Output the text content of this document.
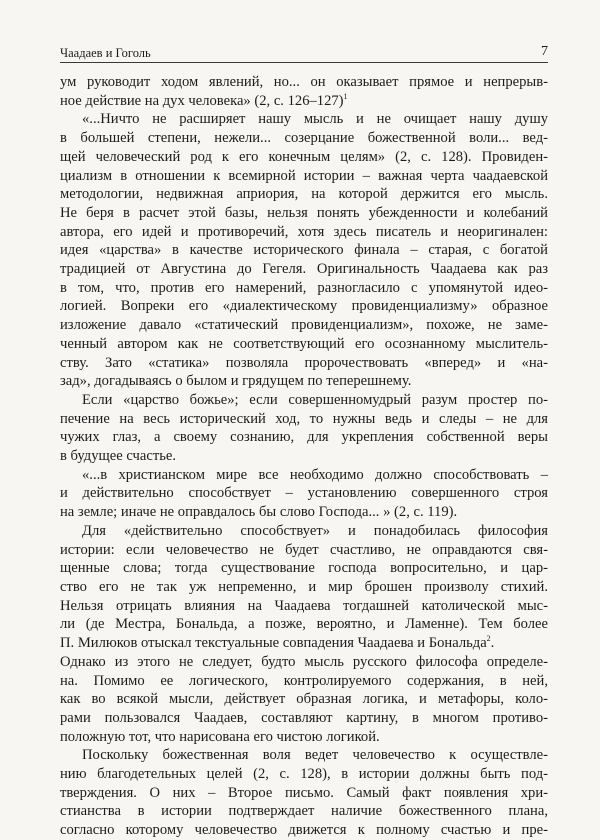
Чаадаев и Гоголь	7
ум руководит ходом явлений, но... он оказывает прямое и непрерыв-
ное действие на дух человека» (2, с. 126–127)$^1$
«...Ничто не расширяет нашу мысль и не очищает нашу душу
в большей степени, нежели... созерцание божественной воли... вед-
щей человеческий род к его конечным целям» (2, с. 128). Провиден-
циализм в отношении к всемирной истории – важная черта чаадаевской
методологии, недвижная априория, на которой держится его мысль.
Не беря в расчет этой базы, нельзя понять убежденности и колебаний
автора, его идей и противоречий, хотя здесь писатель и неоригинален:
идея «царства» в качестве исторического финала – старая, с богатой
традицией от Августина до Гегеля. Оригинальность Чаадаева как раз
в том, что, против его намерений, разногласило с упомянутой идео-
логией. Вопреки его «диалектическому провиденциализму» образное
изложение давало «статический провиденциализм», похоже, не заме-
ченный автором как не соответствующий его осознанному мыслитель-
ству. Зато «статика» позволяла пророчествовать «вперед» и «на-
зад», догадываясь о былом и грядущем по теперешнему.
Если «царство божье»; если совершенномудрый разум простер по-
печение на весь исторический ход, то нужны ведь и следы – не для
чужих глаз, а своему сознанию, для укрепления собственной веры
в будущее счастье.
«...в христианском мире все необходимо должно способствовать –
и действительно способствует – установлению совершенного строя
на земле; иначе не оправдалось бы слово Господа... » (2, с. 119).
Для «действительно способствует» и понадобилась философия
истории: если человечество не будет счастливо, не оправдаются свя-
щенные слова; тогда существование господа вопросительно, и цар-
ство его не так уж непременно, и мир брошен произволу стихий.
Нельзя отрицать влияния на Чаадаева тогдашней католической мыс-
ли (де Местра, Бональда, а позже, вероятно, и Ламенне). Тем более
П. Милюков отыскал текстуальные совпадения Чаадаева и Бональда$^2$.
Однако из этого не следует, будто мысль русского философа определе-
на. Помимо ее логического, контролируемого содержания, в ней,
как во всякой мысли, действует образная логика, и метафоры, коло-
рами пользовался Чаадаев, составляют картину, в многом противо-
положную тот, что нарисована его чистою логикой.
Поскольку божественная воля ведет человечество к осуществле-
нию благодетельных целей (2, с. 128), в истории должны быть под-
тверждения. О них – Второе письмо. Самый факт появления хри-
стианства в истории подтверждает наличие божественного плана,
согласно которому человечество движется к полному счастью и пре-
